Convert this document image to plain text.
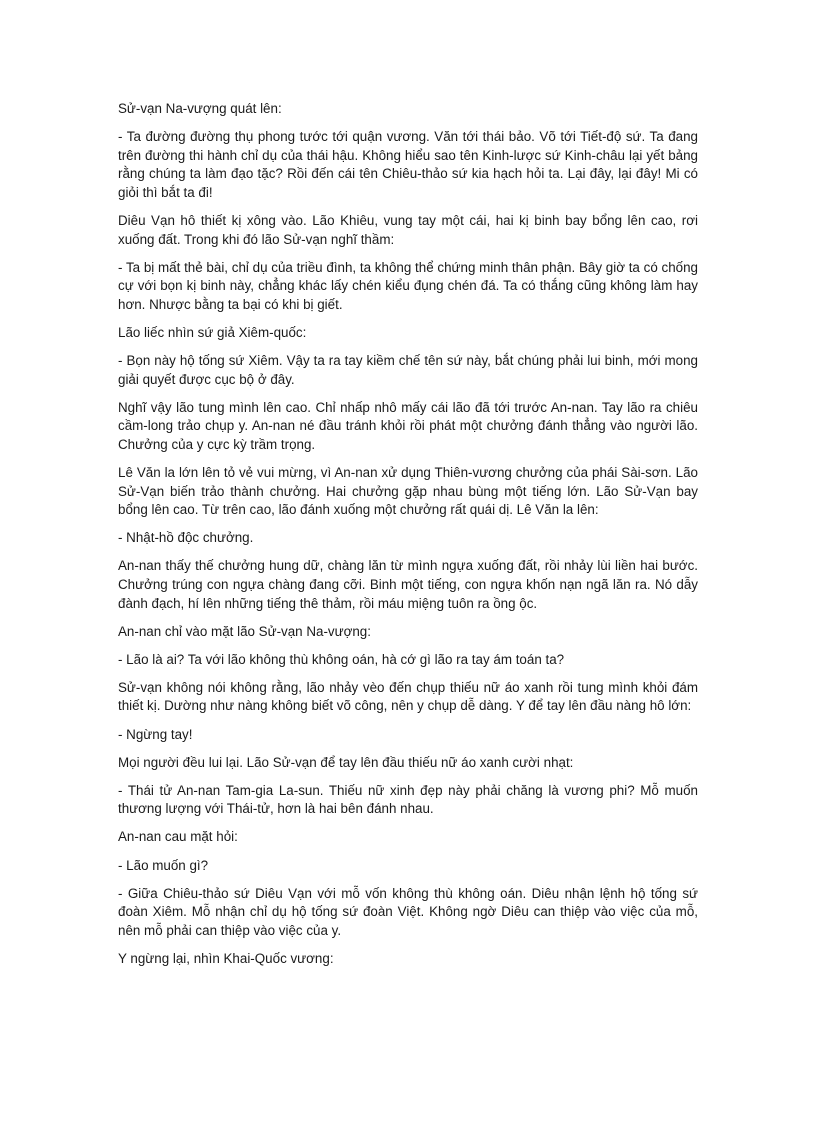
Sử-vạn Na-vượng quát lên:

- Ta đường đường thụ phong tước tới quận vương. Văn tới thái bảo. Võ tới Tiết-độ sứ. Ta đang trên đường thi hành chỉ dụ của thái hậu. Không hiểu sao tên Kinh-lược sứ Kinh-châu lại yết bảng rằng chúng ta làm đạo tặc? Rồi đến cái tên Chiêu-thảo sứ kia hạch hỏi ta. Lại đây, lại đây! Mi có giỏi thì bắt ta đi!

Diêu Vạn hô thiết kị xông vào. Lão Khiêu, vung tay một cái, hai kị binh bay bổng lên cao, rơi xuống đất. Trong khi đó lão Sử-vạn nghĩ thầm:

- Ta bị mất thẻ bài, chỉ dụ của triều đình, ta không thể chứng minh thân phận. Bây giờ ta có chống cự với bọn kị binh này, chẳng khác lấy chén kiểu đụng chén đá. Ta có thắng cũng không làm hay hơn. Nhược bằng ta bại có khi bị giết.

Lão liếc nhìn sứ giả Xiêm-quốc:

- Bọn này hộ tống sứ Xiêm. Vậy ta ra tay kiềm chế tên sứ này, bắt chúng phải lui binh, mới mong giải quyết được cục bộ ở đây.

Nghĩ vậy lão tung mình lên cao. Chỉ nhấp nhô mấy cái lão đã tới trước An-nan. Tay lão ra chiêu cầm-long trảo chụp y. An-nan né đầu tránh khỏi rồi phát một chưởng đánh thẳng vào người lão. Chưởng của y cực kỳ trầm trọng.

Lê Văn la lớn lên tỏ vẻ vui mừng, vì An-nan xử dụng Thiên-vương chưởng của phái Sài-sơn. Lão Sử-Vạn biến trảo thành chưởng. Hai chưởng gặp nhau bùng một tiếng lớn. Lão Sử-Vạn bay bổng lên cao. Từ trên cao, lão đánh xuống một chưởng rất quái dị. Lê Văn la lên:

- Nhật-hồ độc chưởng.

An-nan thấy thế chưởng hung dữ, chàng lăn từ mình ngựa xuống đất, rồi nhảy lùi liền hai bước. Chưởng trúng con ngựa chàng đang cỡi. Binh một tiếng, con ngựa khốn nạn ngã lăn ra. Nó dẫy đành đạch, hí lên những tiếng thê thảm, rồi máu miệng tuôn ra ồng ộc.

An-nan chỉ vào mặt lão Sử-vạn Na-vượng:

- Lão là ai? Ta với lão không thù không oán, hà cớ gì lão ra tay ám toán ta?

Sử-vạn không nói không rằng, lão nhảy vèo đến chụp thiếu nữ áo xanh rồi tung mình khỏi đám thiết kị. Dường như nàng không biết võ công, nên y chụp dễ dàng. Y để tay lên đầu nàng hô lớn:

- Ngừng tay!

Mọi người đều lui lại. Lão Sử-vạn để tay lên đầu thiếu nữ áo xanh cười nhạt:

- Thái tử An-nan Tam-gia La-sun. Thiếu nữ xinh đẹp này phải chăng là vương phi? Mỗ muốn thương lượng với Thái-tử, hơn là hai bên đánh nhau.

An-nan cau mặt hỏi:

- Lão muốn gì?

- Giữa Chiêu-thảo sứ Diêu Vạn với mỗ vốn không thù không oán. Diêu nhận lệnh hộ tống sứ đoàn Xiêm. Mỗ nhận chỉ dụ hộ tống sứ đoàn Việt. Không ngờ Diêu can thiệp vào việc của mỗ, nên mỗ phải can thiệp vào việc của y.

Y ngừng lại, nhìn Khai-Quốc vương:
